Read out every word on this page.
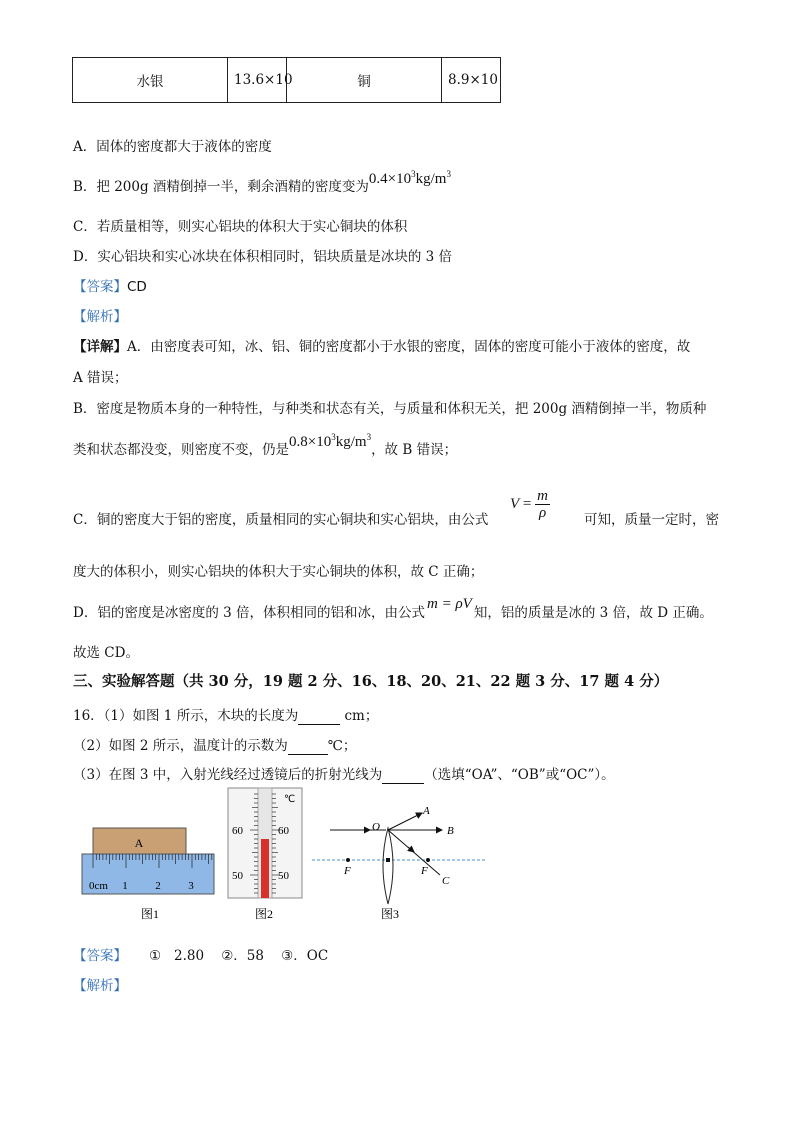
水银	13.6×10	铜	8.9×10
A．固体的密度都大于液体的密度
B．把 200g 酒精倒掉一半，剩余酒精的密度变为$0.4\times 10^3kg/m^3$
C．若质量相等，则实心铝块的体积大于实心铜块的体积
D．实心铝块和实心冰块在体积相同时，铝块质量是冰块的 3 倍
【答案】CD
【解析】
【详解】A．由密度表可知，冰、铝、铜的密度都小于水银的密度，固体的密度可能小于液体的密度，故
A 错误；
B．密度是物质本身的一种特性，与种类和状态有关，与质量和体积无关，把 200g 酒精倒掉一半，物质种
类和状态都没变，则密度不变，仍是$0.8\times 10^3kg/m^3$，故 B 错误；
C．铜的密度大于铝的密度，质量相同的实心铜块和实心铝块，由公式
$V = \frac{m}{\rho}$	可知，质量一定时，密
度大的体积小，则实心铝块的体积大于实心铜块的体积，故 C 正确；
D．铝的密度是冰密度的 3 倍，体积相同的铝和冰，由公式m = ρV知，铝的质量是冰的 3 倍，故 D 正确。
故选 CD。
三、实验解答题（共 30 分，19 题 2 分、16、18、20、21、22 题 3 分、17 题 4 分）
16．（1）如图 1 所示，木块的长度为	cm；
（2）如图 2 所示，温度计的示数为	℃；
（3）在图 3 中，入射光线经过透镜后的折射光线为	（选填“OA”、“OB”或“OC”）。
A
0cm 1	2	3
图1
℃
60	60
50	50
图2
O
A
B
C
F	F
图3
【答案】 ①   2.80    ②．58    ③．OC
【解析】
